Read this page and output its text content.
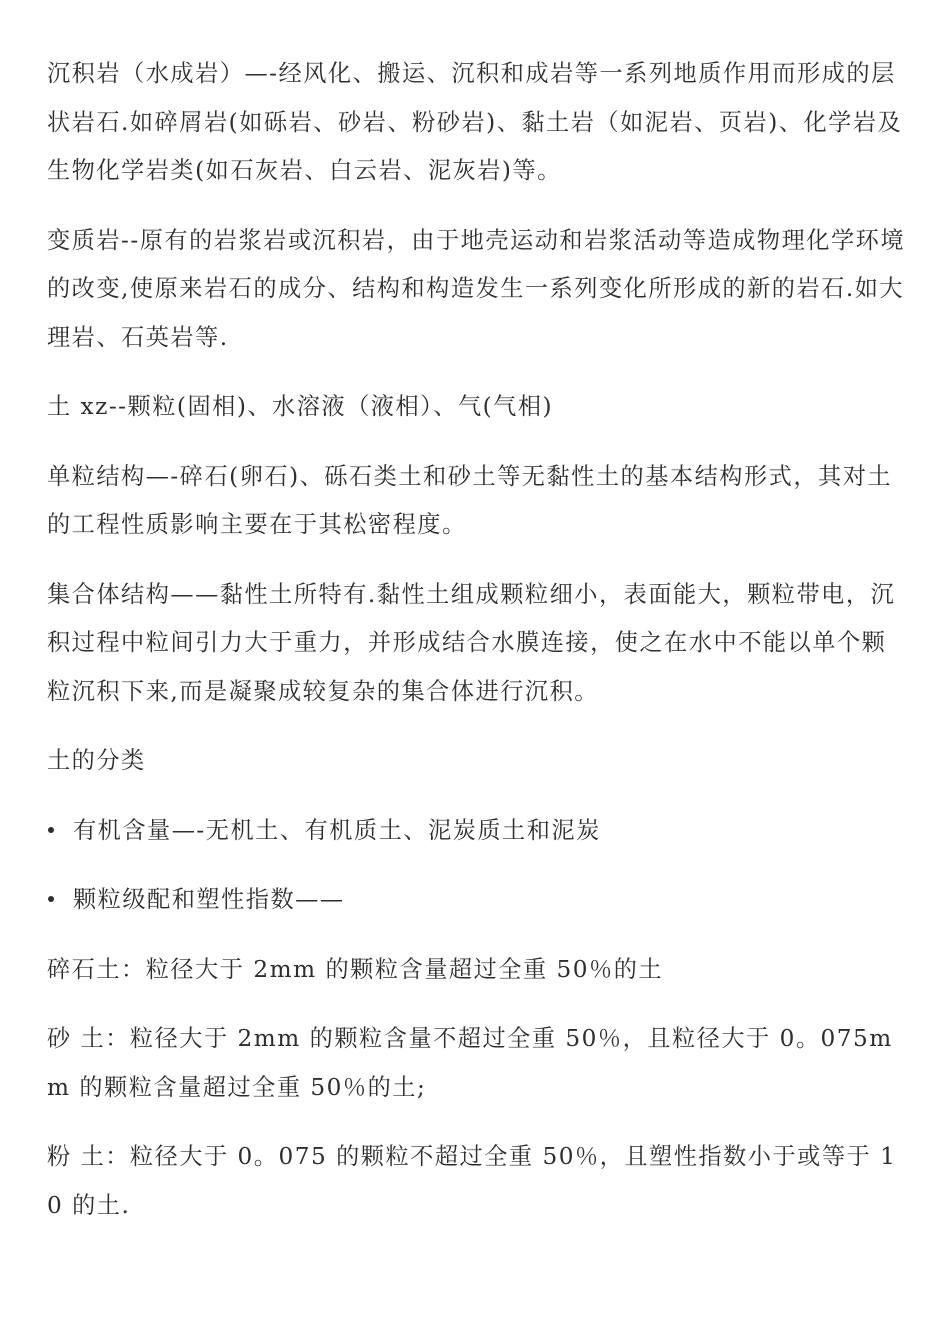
沉积岩（水成岩）—-经风化、搬运、沉积和成岩等一系列地质作用而形成的层状岩石.如碎屑岩(如砾岩、砂岩、粉砂岩)、黏土岩（如泥岩、页岩)、化学岩及生物化学岩类(如石灰岩、白云岩、泥灰岩)等。

变质岩--原有的岩浆岩或沉积岩，由于地壳运动和岩浆活动等造成物理化学环境的改变,使原来岩石的成分、结构和构造发生一系列变化所形成的新的岩石.如大理岩、石英岩等.

土 xz--颗粒(固相)、水溶液（液相）、气(气相)

单粒结构—-碎石(卵石)、砾石类土和砂土等无黏性土的基本结构形式，其对土的工程性质影响主要在于其松密程度。

集合体结构——黏性土所特有.黏性土组成颗粒细小，表面能大，颗粒带电，沉积过程中粒间引力大于重力，并形成结合水膜连接，使之在水中不能以单个颗粒沉积下来,而是凝聚成较复杂的集合体进行沉积。

土的分类

有机含量—-无机土、有机质土、泥炭质土和泥炭
颗粒级配和塑性指数——

碎石土：粒径大于 2mm 的颗粒含量超过全重 50％的土

砂 土：粒径大于 2mm 的颗粒含量不超过全重 50％，且粒径大于 0。075mm 的颗粒含量超过全重 50％的土;

粉 土：粒径大于 0。075 的颗粒不超过全重 50％，且塑性指数小于或等于 10 的土.
